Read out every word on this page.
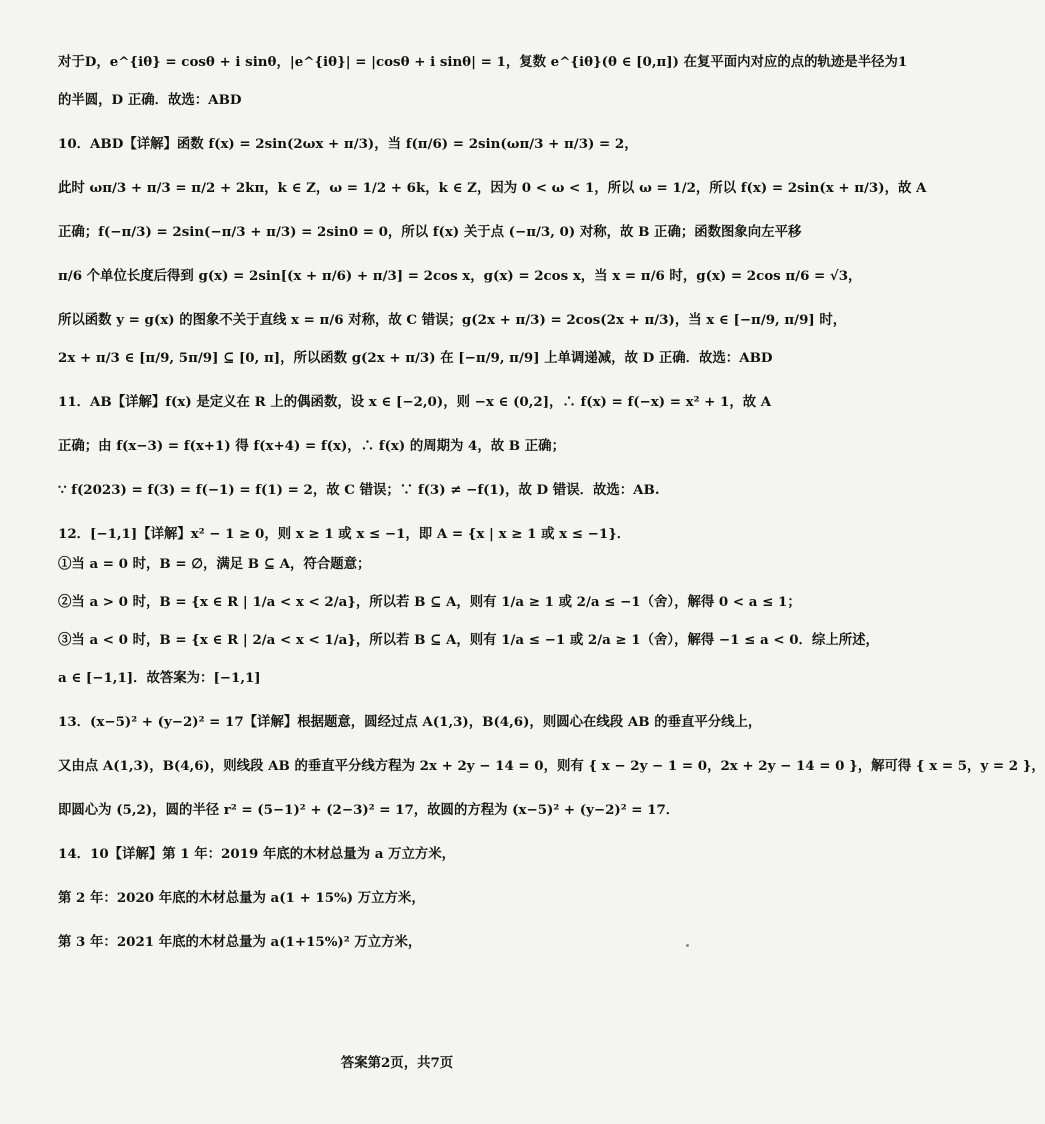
对于D，e^{iθ} = cosθ + i sinθ，|e^{iθ}| = |cosθ + i sinθ| = 1，复数 e^{iθ}(θ ∈ [0,π]) 在复平面内对应的点的轨迹是半径为1
的半圆，D 正确．故选：ABD
10．ABD【详解】函数 f(x) = 2sin(2ωx + π/3)，当 f(π/6) = 2sin(ωπ/3 + π/3) = 2，
此时 ωπ/3 + π/3 = π/2 + 2kπ，k ∈ Z，ω = 1/2 + 6k，k ∈ Z，因为 0 < ω < 1，所以 ω = 1/2，所以 f(x) = 2sin(x + π/3)，故 A
正确；f(−π/3) = 2sin(−π/3 + π/3) = 2sin0 = 0，所以 f(x) 关于点 (−π/3, 0) 对称，故 B 正确；函数图象向左平移
π/6 个单位长度后得到 g(x) = 2sin[(x + π/6) + π/3] = 2cos x，g(x) = 2cos x，当 x = π/6 时，g(x) = 2cos π/6 = √3，
所以函数 y = g(x) 的图象不关于直线 x = π/6 对称，故 C 错误；g(2x + π/3) = 2cos(2x + π/3)，当 x ∈ [−π/9, π/9] 时，
2x + π/3 ∈ [π/9, 5π/9] ⊆ [0, π]，所以函数 g(2x + π/3) 在 [−π/9, π/9] 上单调递减，故 D 正确．故选：ABD
11．AB【详解】f(x) 是定义在 R 上的偶函数，设 x ∈ [−2,0)，则 −x ∈ (0,2]，∴ f(x) = f(−x) = x² + 1，故 A
正确；由 f(x−3) = f(x+1) 得 f(x+4) = f(x)，∴ f(x) 的周期为 4，故 B 正确；
∵ f(2023) = f(3) = f(−1) = f(1) = 2，故 C 错误；∵ f(3) ≠ −f(1)，故 D 错误．故选：AB.
12．[−1,1]【详解】x² − 1 ≥ 0，则 x ≥ 1 或 x ≤ −1，即 A = {x | x ≥ 1 或 x ≤ −1}．
①当 a = 0 时，B = ∅，满足 B ⊆ A，符合题意；
②当 a > 0 时，B = {x ∈ R | 1/a < x < 2/a}，所以若 B ⊆ A，则有 1/a ≥ 1 或 2/a ≤ −1（舍），解得 0 < a ≤ 1；
③当 a < 0 时，B = {x ∈ R | 2/a < x < 1/a}，所以若 B ⊆ A，则有 1/a ≤ −1 或 2/a ≥ 1（舍），解得 −1 ≤ a < 0．综上所述，
a ∈ [−1,1]．故答案为：[−1,1]
13．(x−5)² + (y−2)² = 17【详解】根据题意，圆经过点 A(1,3)，B(4,6)，则圆心在线段 AB 的垂直平分线上，
又由点 A(1,3)，B(4,6)，则线段 AB 的垂直平分线方程为 2x + 2y − 14 = 0，则有 { x − 2y − 1 = 0，2x + 2y − 14 = 0 }，解可得 { x = 5，y = 2 }，
即圆心为 (5,2)，圆的半径 r² = (5−1)² + (2−3)² = 17，故圆的方程为 (x−5)² + (y−2)² = 17．
14．10【详解】第 1 年：2019 年底的木材总量为 a 万立方米，
第 2 年：2020 年底的木材总量为 a(1 + 15%) 万立方米，
第 3 年：2021 年底的木材总量为 a(1+15%)² 万立方米，
答案第2页，共7页
